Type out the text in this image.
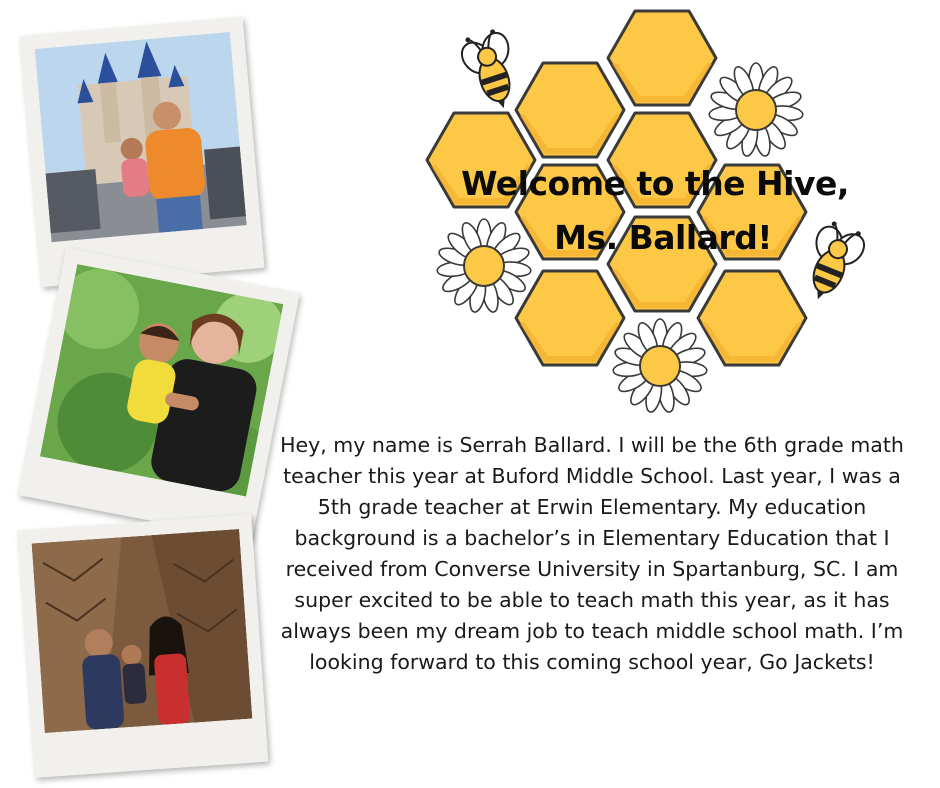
Welcome to the Hive,
Ms. Ballard!

Hey, my name is Serrah Ballard. I will be the 6th grade math teacher this year at Buford Middle School. Last year, I was a 5th grade teacher at Erwin Elementary. My education background is a bachelor’s in Elementary Education that I received from Converse University in Spartanburg, SC. I am super excited to be able to teach math this year, as it has always been my dream job to teach middle school math. I’m looking forward to this coming school year, Go Jackets!
